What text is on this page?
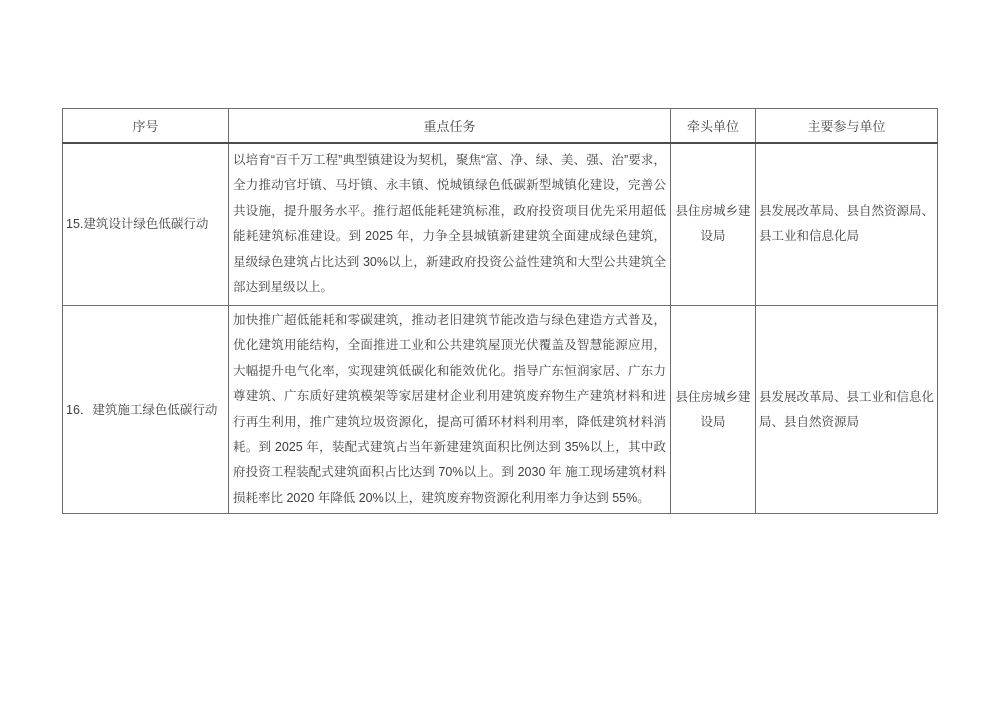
序号	重点任务	牵头单位	主要参与单位
15.建筑设计绿色低碳行动	以培育“百千万工程”典型镇建设为契机，聚焦“富、净、绿、美、强、治”要求，全力推动官圩镇、马圩镇、永丰镇、悦城镇绿色低碳新型城镇化建设，完善公共设施，提升服务水平。推行超低能耗建筑标准，政府投资项目优先采用超低能耗建筑标准建设。到 2025 年，力争全县城镇新建建筑全面建成绿色建筑，星级绿色建筑占比达到 30%以上，新建政府投资公益性建筑和大型公共建筑全部达到星级以上。	县住房城乡建设局	县发展改革局、县自然资源局、县工业和信息化局
16．建筑施工绿色低碳行动	加快推广超低能耗和零碳建筑，推动老旧建筑节能改造与绿色建造方式普及，优化建筑用能结构，全面推进工业和公共建筑屋顶光伏覆盖及智慧能源应用，大幅提升电气化率，实现建筑低碳化和能效优化。指导广东恒润家居、广东力尊建筑、广东质好建筑模架等家居建材企业利用建筑废弃物生产建筑材料和进行再生利用，推广建筑垃圾资源化，提高可循环材料利用率，降低建筑材料消耗。到 2025 年，装配式建筑占当年新建建筑面积比例达到 35%以上，其中政府投资工程装配式建筑面积占比达到 70%以上。到 2030 年 施工现场建筑材料损耗率比 2020 年降低 20%以上，建筑废弃物资源化利用率力争达到 55%。	县住房城乡建设局	县发展改革局、县工业和信息化局、县自然资源局
